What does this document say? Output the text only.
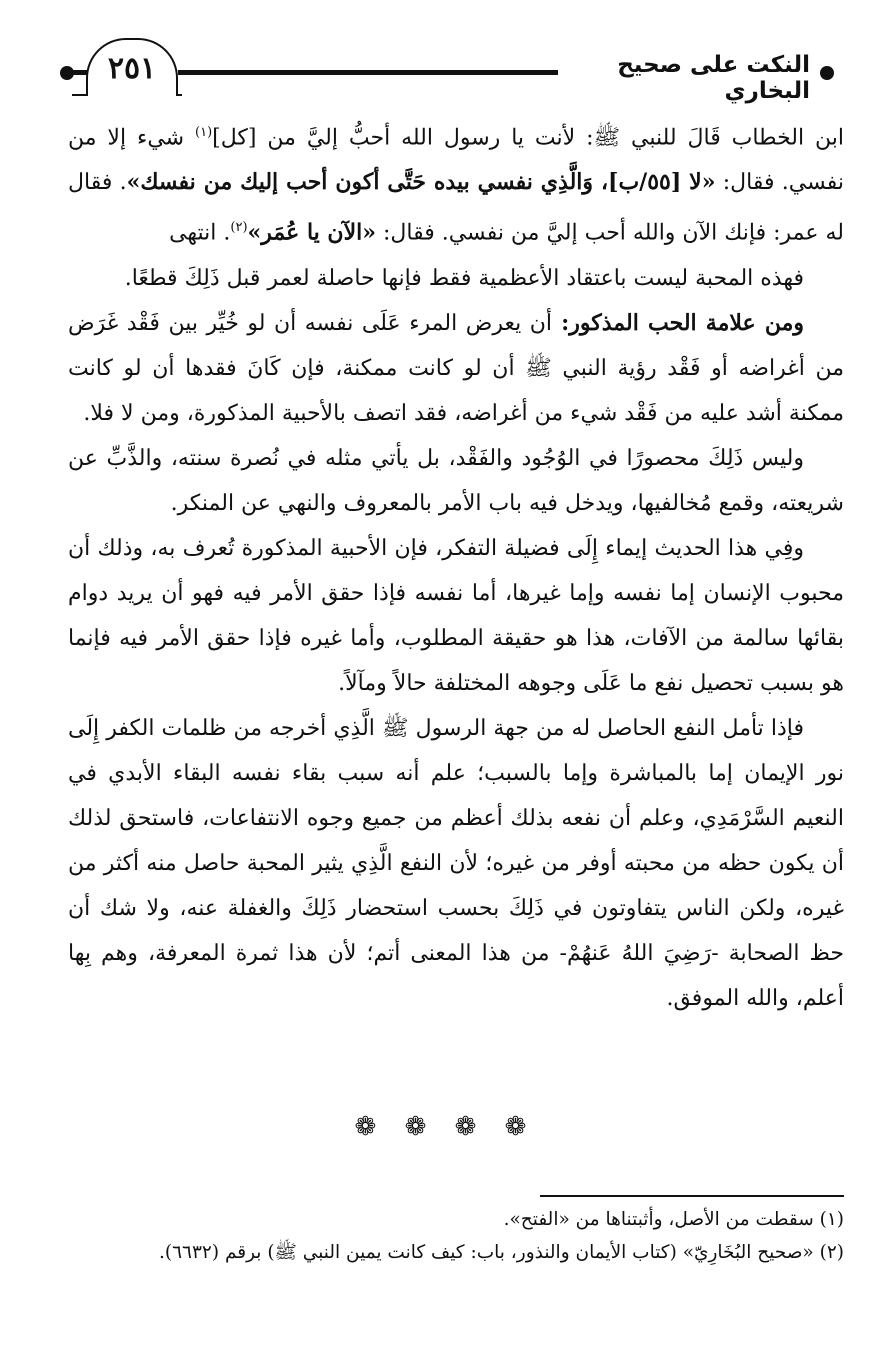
٢٥١	النكت على صحيح البخاري

ابن الخطاب قَالَ للنبي ﷺ: لأنت يا رسول الله أحبُّ إليَّ من [كل]$^{(١)}$ شيء إلا من نفسي. فقال: «لا [٥٥/ب]، وَالَّذِي نفسي بيده حَتَّى أكون أحب إليك من نفسك». فقال له عمر: فإنك الآن والله أحب إليَّ من نفسي. فقال: «الآن يا عُمَر»$^{(٢)}$. انتهى

فهذه المحبة ليست باعتقاد الأعظمية فقط فإنها حاصلة لعمر قبل ذَلِكَ قطعًا.

ومن علامة الحب المذكور: أن يعرض المرء عَلَى نفسه أن لو خُيِّر بين فَقْد غَرَض من أغراضه أو فَقْد رؤية النبي ﷺ أن لو كانت ممكنة، فإن كَانَ فقدها أن لو كانت ممكنة أشد عليه من فَقْد شيء من أغراضه، فقد اتصف بالأحبية المذكورة، ومن لا فلا.

وليس ذَلِكَ محصورًا في الوُجُود والفَقْد، بل يأتي مثله في نُصرة سنته، والذَّبِّ عن شريعته، وقمع مُخالفيها، ويدخل فيه باب الأمر بالمعروف والنهي عن المنكر.

وفِي هذا الحديث إيماء إِلَى فضيلة التفكر، فإن الأحبية المذكورة تُعرف به، وذلك أن محبوب الإنسان إما نفسه وإما غيرها، أما نفسه فإذا حقق الأمر فيه فهو أن يريد دوام بقائها سالمة من الآفات، هذا هو حقيقة المطلوب، وأما غيره فإذا حقق الأمر فيه فإنما هو بسبب تحصيل نفع ما عَلَى وجوهه المختلفة حالاً ومآلاً.

فإذا تأمل النفع الحاصل له من جهة الرسول ﷺ الَّذِي أخرجه من ظلمات الكفر إِلَى نور الإيمان إما بالمباشرة وإما بالسبب؛ علم أنه سبب بقاء نفسه البقاء الأبدي في النعيم السَّرْمَدِي، وعلم أن نفعه بذلك أعظم من جميع وجوه الانتفاعات، فاستحق لذلك أن يكون حظه من محبته أوفر من غيره؛ لأن النفع الَّذِي يثير المحبة حاصل منه أكثر من غيره، ولكن الناس يتفاوتون في ذَلِكَ بحسب استحضار ذَلِكَ والغفلة عنه، ولا شك أن حظ الصحابة -رَضِيَ اللهُ عَنهُمْ- من هذا المعنى أتم؛ لأن هذا ثمرة المعرفة، وهم بِها أعلم، والله الموفق.

❁ ❁ ❁ ❁

(١) سقطت من الأصل، وأثبتناها من «الفتح».

(٢) «صحيح البُخَارِيّ» (كتاب الأيمان والنذور، باب: كيف كانت يمين النبي ﷺ) برقم (٦٦٣٢).
